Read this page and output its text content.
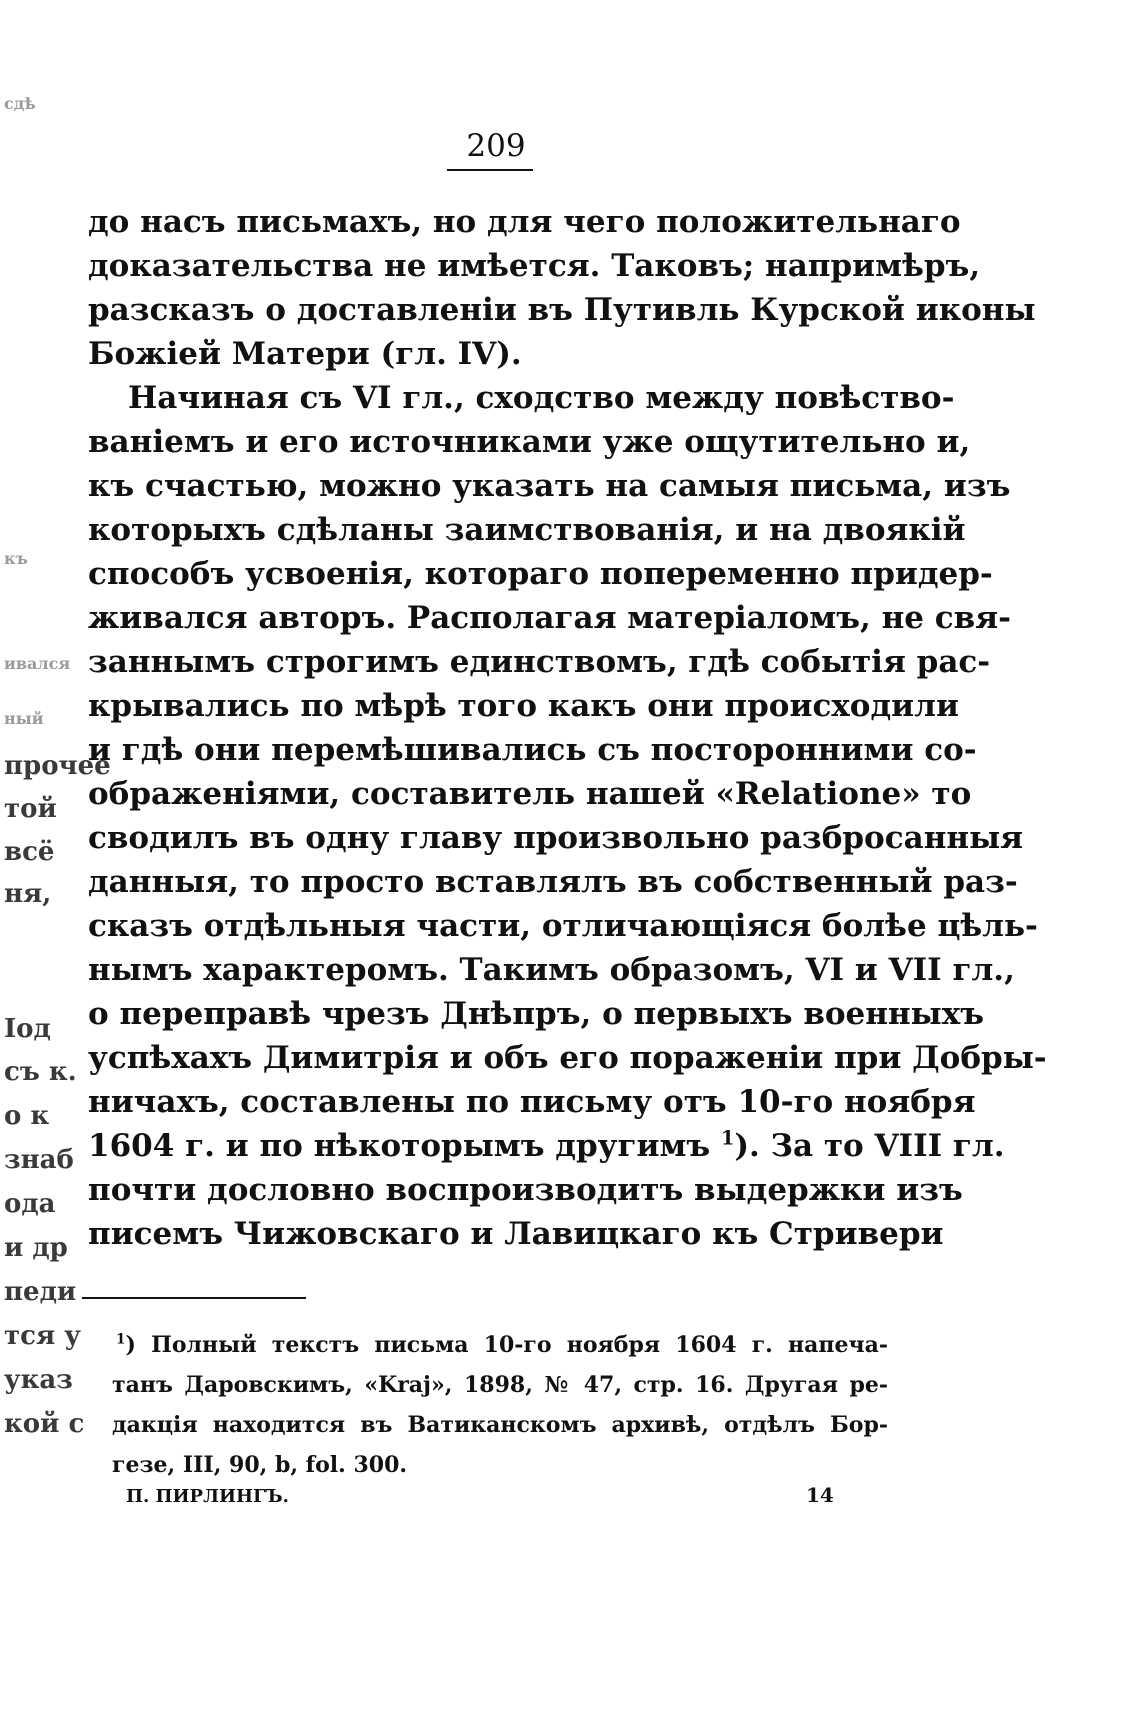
сдѣ
къ
ивался
ный
прочее
той
всё
ня,
Іод
съ к.
о к
знаб
ода
и др
педи
тся у
указ
кой с
209
до насъ письмахъ, но для чего положительнаго
доказательства не имѣется. Таковъ; напримѣръ,
разсказъ о доставленiи въ Путивль Курской иконы
Божiей Матери (гл. IV).
Начиная съ VI гл., сходство между повѣство-
ванiемъ и его источниками уже ощутительно и,
къ счастью, можно указать на самыя письма, изъ
которыхъ сдѣланы заимствованiя, и на двоякiй
способъ усвоенiя, котораго попеременно придер-
живался авторъ. Располагая матерiаломъ, не свя-
заннымъ строгимъ единствомъ, гдѣ событiя рас-
крывались по мѣрѣ того какъ они происходили
и гдѣ они перемѣшивались съ посторонними со-
ображенiями, составитель нашей «Relatione» то
сводилъ въ одну главу произвольно разбросанныя
данныя, то просто вставлялъ въ собственный раз-
сказъ отдѣльныя части, отличающiяся болѣе цѣль-
нымъ характеромъ. Такимъ образомъ, VI и VII гл.,
о переправѣ чрезъ Днѣпръ, о первыхъ военныхъ
успѣхахъ Димитрiя и объ его пораженiи при Добры-
ничахъ, составлены по письму отъ 10-го ноября
1604 г. и по нѣкоторымъ другимъ $^1$). За то VIII гл.
почти дословно воспроизводитъ выдержки изъ
писемъ Чижовскаго и Лавицкаго къ Стривери
$^1$) Полный текстъ письма 10-го ноября 1604 г. напеча-
танъ Даровскимъ, «Kraj», 1898, № 47, стр. 16. Другая ре-
дакцiя находится въ Ватиканскомъ архивѣ, отдѣлъ Бор-
гезе, III, 90, b, fol. 300.
П. ПИРЛИНГЪ.	14
